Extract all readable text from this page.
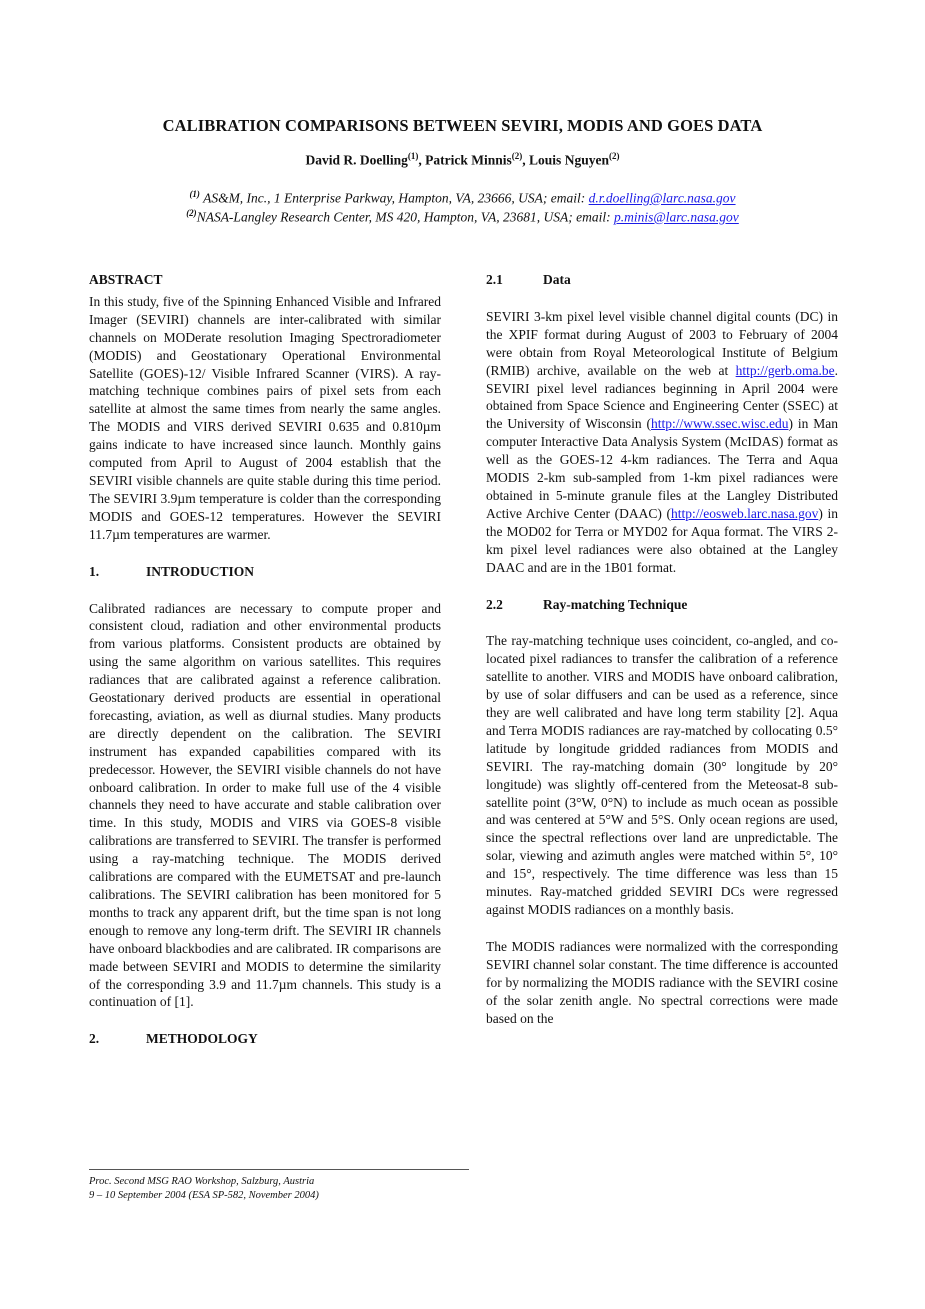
CALIBRATION COMPARISONS BETWEEN SEVIRI, MODIS AND GOES DATA
David R. Doelling$^{(1)}$, Patrick Minnis$^{(2)}$, Louis Nguyen$^{(2)}$
$^{(1)}$ AS&M, Inc., 1 Enterprise Parkway, Hampton, VA, 23666, USA; email: d.r.doelling@larc.nasa.gov
$^{(2)}$NASA-Langley Research Center, MS 420, Hampton, VA, 23681, USA; email: p.minis@larc.nasa.gov

ABSTRACT

In this study, five of the Spinning Enhanced Visible and Infrared Imager (SEVIRI) channels are inter-calibrated with similar channels on MODerate resolution Imaging Spectroradiometer (MODIS) and Geostationary Operational Environmental Satellite (GOES)-12/ Visible Infrared Scanner (VIRS). A ray-matching technique combines pairs of pixel sets from each satellite at almost the same times from nearly the same angles. The MODIS and VIRS derived SEVIRI 0.635 and 0.810µm gains indicate to have increased since launch. Monthly gains computed from April to August of 2004 establish that the SEVIRI visible channels are quite stable during this time period. The SEVIRI 3.9µm temperature is colder than the corresponding MODIS and GOES-12 temperatures. However the SEVIRI 11.7µm temperatures are warmer.

1.	INTRODUCTION

Calibrated radiances are necessary to compute proper and consistent cloud, radiation and other environmental products from various platforms. Consistent products are obtained by using the same algorithm on various satellites. This requires radiances that are calibrated against a reference calibration. Geostationary derived products are essential in operational forecasting, aviation, as well as diurnal studies. Many products are directly dependent on the calibration. The SEVIRI instrument has expanded capabilities compared with its predecessor. However, the SEVIRI visible channels do not have onboard calibration. In order to make full use of the 4 visible channels they need to have accurate and stable calibration over time. In this study, MODIS and VIRS via GOES-8 visible calibrations are transferred to SEVIRI. The transfer is performed using a ray-matching technique. The MODIS derived calibrations are compared with the EUMETSAT and pre-launch calibrations. The SEVIRI calibration has been monitored for 5 months to track any apparent drift, but the time span is not long enough to remove any long-term drift. The SEVIRI IR channels have onboard blackbodies and are calibrated. IR comparisons are made between SEVIRI and MODIS to determine the similarity of the corresponding 3.9 and 11.7µm channels. This study is a continuation of [1].

2.	METHODOLOGY

2.1	Data

SEVIRI 3-km pixel level visible channel digital counts (DC) in the XPIF format during August of 2003 to February of 2004 were obtain from Royal Meteorological Institute of Belgium (RMIB) archive, available on the web at http://gerb.oma.be. SEVIRI pixel level radiances beginning in April 2004 were obtained from Space Science and Engineering Center (SSEC) at the University of Wisconsin (http://www.ssec.wisc.edu) in Man computer Interactive Data Analysis System (McIDAS) format as well as the GOES-12 4-km radiances. The Terra and Aqua MODIS 2-km sub-sampled from 1-km pixel radiances were obtained in 5-minute granule files at the Langley Distributed Active Archive Center (DAAC) (http://eosweb.larc.nasa.gov) in the MOD02 for Terra or MYD02 for Aqua format. The VIRS 2-km pixel level radiances were also obtained at the Langley DAAC and are in the 1B01 format.

2.2	Ray-matching Technique

The ray-matching technique uses coincident, co-angled, and co-located pixel radiances to transfer the calibration of a reference satellite to another. VIRS and MODIS have onboard calibration, by use of solar diffusers and can be used as a reference, since they are well calibrated and have long term stability [2]. Aqua and Terra MODIS radiances are ray-matched by collocating 0.5° latitude by longitude gridded radiances from MODIS and SEVIRI. The ray-matching domain (30° longitude by 20° longitude) was slightly off-centered from the Meteosat-8 sub-satellite point (3°W, 0°N) to include as much ocean as possible and was centered at 5°W and 5°S. Only ocean regions are used, since the spectral reflections over land are unpredictable. The solar, viewing and azimuth angles were matched within 5°, 10° and 15°, respectively. The time difference was less than 15 minutes. Ray-matched gridded SEVIRI DCs were regressed against MODIS radiances on a monthly basis.

The MODIS radiances were normalized with the corresponding SEVIRI channel solar constant. The time difference is accounted for by normalizing the MODIS radiance with the SEVIRI cosine of the solar zenith angle. No spectral corrections were made based on the

Proc. Second MSG RAO Workshop, Salzburg, Austria
9 – 10 September 2004 (ESA SP-582, November 2004)
